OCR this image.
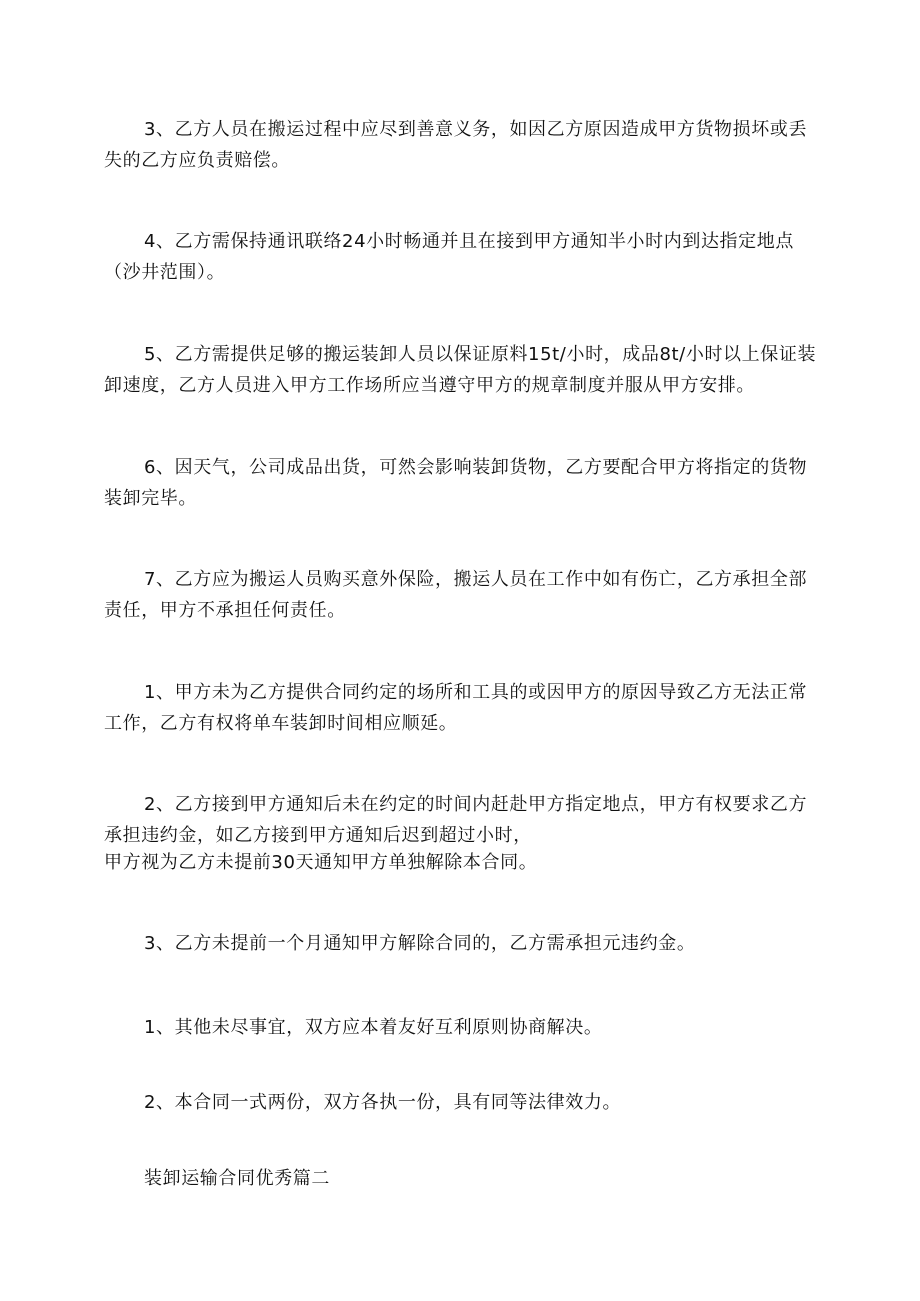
3、乙方人员在搬运过程中应尽到善意义务，如因乙方原因造成甲方货物损坏或丢
失的乙方应负责赔偿。
4、乙方需保持通讯联络24小时畅通并且在接到甲方通知半小时内到达指定地点
（沙井范围）。
5、乙方需提供足够的搬运装卸人员以保证原料15t/小时，成品8t/小时以上保证装
卸速度，乙方人员进入甲方工作场所应当遵守甲方的规章制度并服从甲方安排。
6、因天气，公司成品出货，可然会影响装卸货物，乙方要配合甲方将指定的货物
装卸完毕。
7、乙方应为搬运人员购买意外保险，搬运人员在工作中如有伤亡，乙方承担全部
责任，甲方不承担任何责任。
1、甲方未为乙方提供合同约定的场所和工具的或因甲方的原因导致乙方无法正常
工作，乙方有权将单车装卸时间相应顺延。
2、乙方接到甲方通知后未在约定的时间内赶赴甲方指定地点，甲方有权要求乙方
承担违约金，如乙方接到甲方通知后迟到超过小时，
甲方视为乙方未提前30天通知甲方单独解除本合同。
3、乙方未提前一个月通知甲方解除合同的，乙方需承担元违约金。
1、其他未尽事宜，双方应本着友好互利原则协商解决。
2、本合同一式两份，双方各执一份，具有同等法律效力。
装卸运输合同优秀篇二
